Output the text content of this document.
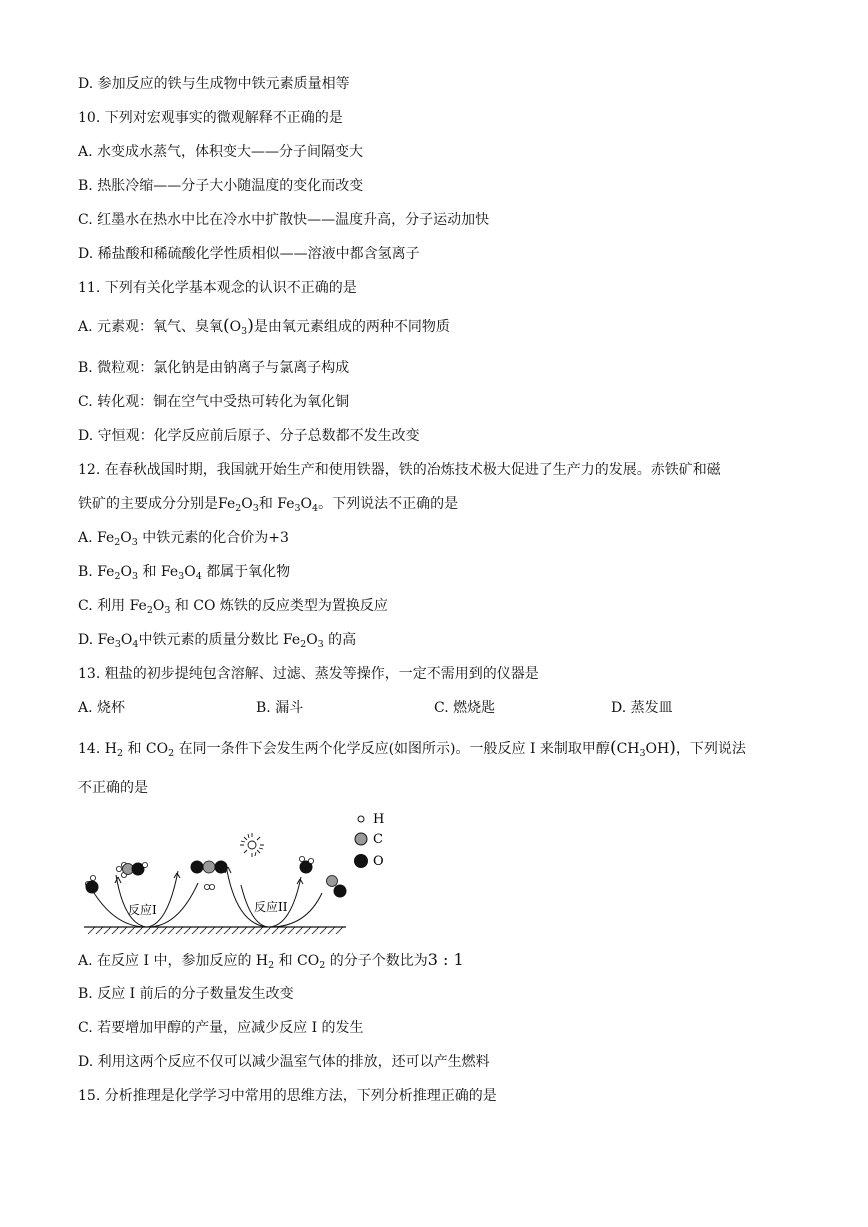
D. 参加反应的铁与生成物中铁元素质量相等
10. 下列对宏观事实的微观解释不正确的是
A. 水变成水蒸气，体积变大——分子间隔变大
B. 热胀冷缩——分子大小随温度的变化而改变
C. 红墨水在热水中比在冷水中扩散快——温度升高，分子运动加快
D. 稀盐酸和稀硫酸化学性质相似——溶液中都含氢离子
11. 下列有关化学基本观念的认识不正确的是
A. 元素观：氧气、臭氧$(O_3)$是由氧元素组成的两种不同物质
B. 微粒观：氯化钠是由钠离子与氯离子构成
C. 转化观：铜在空气中受热可转化为氧化铜
D. 守恒观：化学反应前后原子、分子总数都不发生改变
12. 在春秋战国时期，我国就开始生产和使用铁器，铁的冶炼技术极大促进了生产力的发展。赤铁矿和磁
铁矿的主要成分分别是$Fe_2O_3$和 $Fe_3O_4$。下列说法不正确的是
A. $Fe_2O_3$ 中铁元素的化合价为+3
B. $Fe_2O_3$ 和 $Fe_3O_4$ 都属于氧化物
C. 利用 $Fe_2O_3$ 和 CO 炼铁的反应类型为置换反应
D. $Fe_3O_4$中铁元素的质量分数比 $Fe_2O_3$ 的高
13. 粗盐的初步提纯包含溶解、过滤、蒸发等操作，一定不需用到的仪器是
A. 烧杯	B. 漏斗	C. 燃烧匙	D. 蒸发皿
14. $H_2$ 和 $CO_2$ 在同一条件下会发生两个化学反应(如图所示)。一般反应 I 来制取甲醇$(CH_3OH)$，下列说法
不正确的是
H
C
O
反应I	反应II
A. 在反应 I 中，参加反应的 $H_2$ 和 $CO_2$ 的分子个数比为3 : 1
B. 反应 I 前后的分子数量发生改变
C. 若要增加甲醇的产量，应减少反应 I 的发生
D. 利用这两个反应不仅可以减少温室气体的排放，还可以产生燃料
15. 分析推理是化学学习中常用的思维方法，下列分析推理正确的是
